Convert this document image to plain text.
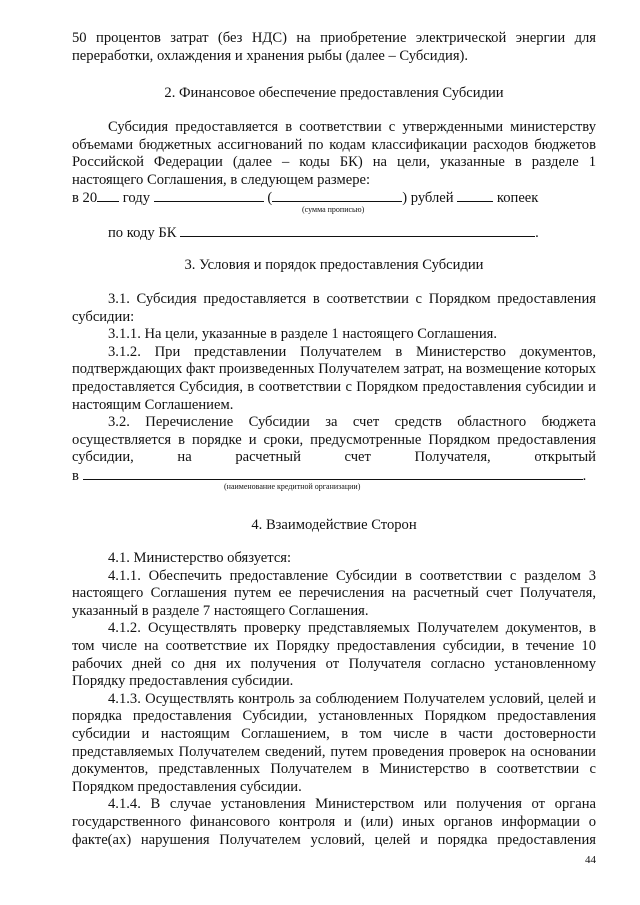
50 процентов затрат (без НДС) на приобретение электрической энергии для

переработки, охлаждения и хранения рыбы (далее – Субсидия).

2. Финансовое обеспечение предоставления Субсидии

Субсидия предоставляется в соответствии с утвержденными министерству объемами бюджетных ассигнований по кодам классификации расходов бюджетов Российской Федерации (далее – коды БК) на цели, указанные в разделе 1 настоящего Соглашения, в следующем размере:

в 20 году	(	) рублей	копеек
(сумма прописью)
по коду БК	.
3. Условия и порядок предоставления Субсидии

3.1. Субсидия предоставляется в соответствии с Порядком предоставления субсидии:

3.1.1. На цели, указанные в разделе 1 настоящего Соглашения.

3.1.2. При представлении Получателем в Министерство документов, подтверждающих факт произведенных Получателем затрат, на возмещение которых предоставляется Субсидия, в соответствии с Порядком предоставления субсидии и настоящим Соглашением.

3.2. Перечисление Субсидии за счет средств областного бюджета осуществляется в порядке и сроки, предусмотренные Порядком предоставления субсидии, на расчетный счет Получателя, открытый

в	.
(наименование кредитной организации)
4. Взаимодействие Сторон

4.1. Министерство обязуется:

4.1.1. Обеспечить предоставление Субсидии в соответствии с разделом 3 настоящего Соглашения путем ее перечисления на расчетный счет Получателя, указанный в разделе 7 настоящего Соглашения.

4.1.2. Осуществлять проверку представляемых Получателем документов, в том числе на соответствие их Порядку предоставления субсидии, в течение 10 рабочих дней со дня их получения от Получателя согласно установленному Порядку предоставления субсидии.

4.1.3. Осуществлять контроль за соблюдением Получателем условий, целей и порядка предоставления Субсидии, установленных Порядком предоставления субсидии и настоящим Соглашением, в том числе в части достоверности представляемых Получателем сведений, путем проведения проверок на основании документов, представленных Получателем в Министерство в соответствии с Порядком предоставления субсидии.

4.1.4. В случае установления Министерством или получения от органа государственного финансового контроля и (или) иных органов информации о факте(ах) нарушения Получателем условий, целей и порядка предоставления

44
